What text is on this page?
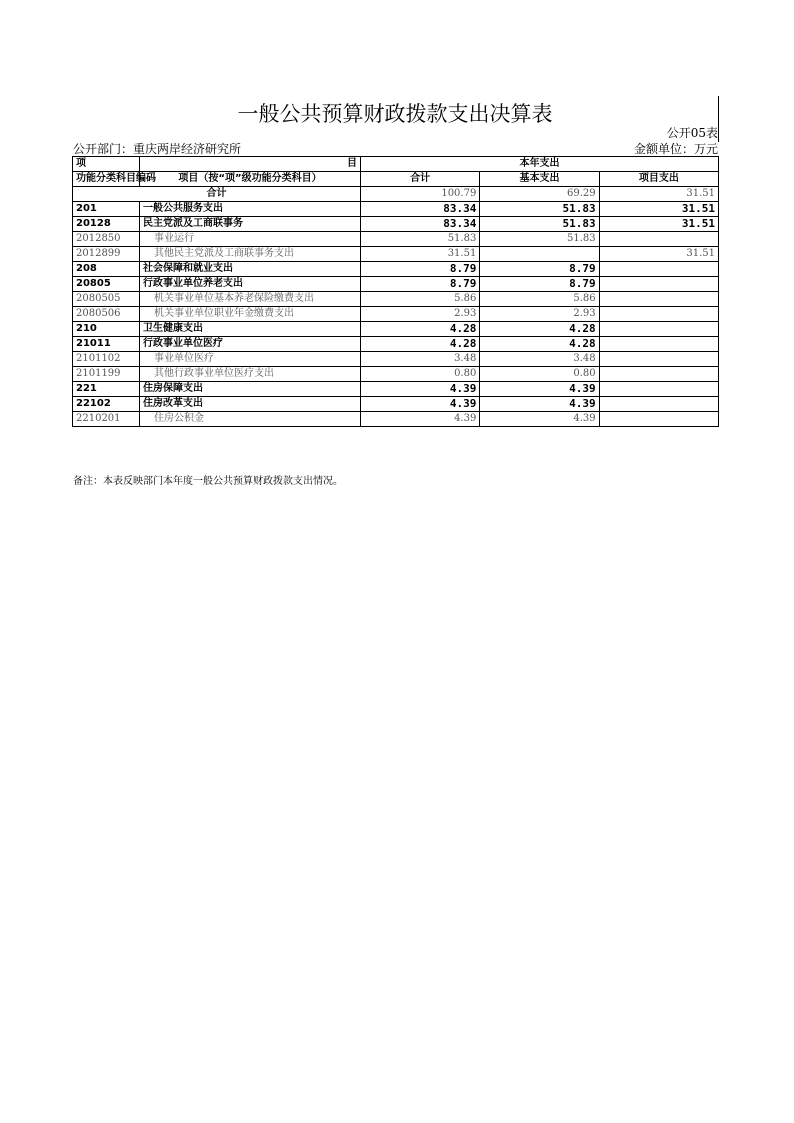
一般公共预算财政拨款支出决算表
公开05表
公开部门：重庆两岸经济研究所	金额单位：万元
项	目	本年支出		
功能分类科目编码	项目（按“项”级功能分类科目）	合计	基本支出	项目支出
合计		100.79	69.29	31.51
201	一般公共服务支出	83.34	51.83	31.51
20128	民主党派及工商联事务	83.34	51.83	31.51
2012850	事业运行	51.83	51.83	
2012899	其他民主党派及工商联事务支出	31.51		31.51
208	社会保障和就业支出	8.79	8.79	
20805	行政事业单位养老支出	8.79	8.79	
2080505	机关事业单位基本养老保险缴费支出	5.86	5.86	
2080506	机关事业单位职业年金缴费支出	2.93	2.93	
210	卫生健康支出	4.28	4.28	
21011	行政事业单位医疗	4.28	4.28	
2101102	事业单位医疗	3.48	3.48	
2101199	其他行政事业单位医疗支出	0.80	0.80	
221	住房保障支出	4.39	4.39	
22102	住房改革支出	4.39	4.39	
2210201	住房公积金	4.39	4.39	
备注：本表反映部门本年度一般公共预算财政拨款支出情况。
